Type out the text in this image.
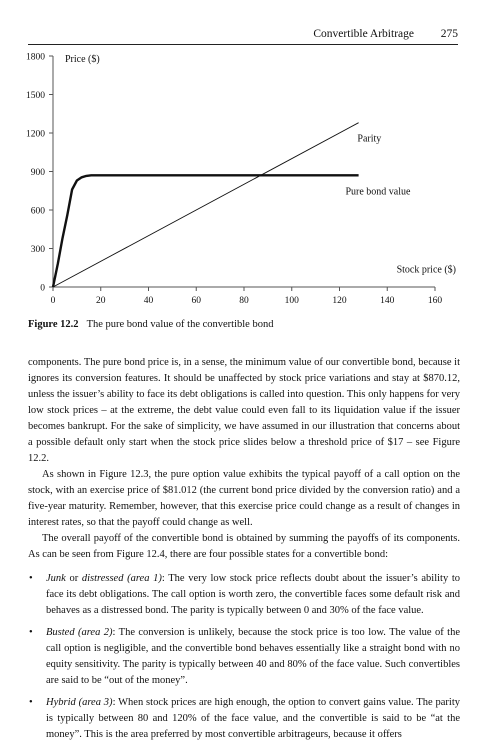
Convertible Arbitrage 275
0
300
600
900
1200
1500
1800
0	20	40	60	80	100	120	140	160
Price ($)
Stock price ($)
Parity
Pure bond value
Figure 12.2 The pure bond value of the convertible bond

components. The pure bond price is, in a sense, the minimum value of our convertible bond, because it ignores its conversion features. It should be unaffected by stock price variations and stay at $870.12, unless the issuer’s ability to face its debt obligations is called into question. This only happens for very low stock prices – at the extreme, the debt value could even fall to its liquidation value if the issuer becomes bankrupt. For the sake of simplicity, we have assumed in our illustration that concerns about a possible default only start when the stock price slides below a threshold price of $17 – see Figure 12.2.

As shown in Figure 12.3, the pure option value exhibits the typical payoff of a call option on the stock, with an exercise price of $81.012 (the current bond price divided by the conversion ratio) and a five-year maturity. Remember, however, that this exercise price could change as a result of changes in interest rates, so that the payoff could change as well.

The overall payoff of the convertible bond is obtained by summing the payoffs of its components. As can be seen from Figure 12.4, there are four possible states for a convertible bond:

• Junk or distressed (area 1): The very low stock price reflects doubt about the issuer’s ability to face its debt obligations. The call option is worth zero, the convertible faces some default risk and behaves as a distressed bond. The parity is typically between 0 and 30% of the face value.
• Busted (area 2): The conversion is unlikely, because the stock price is too low. The value of the call option is negligible, and the convertible bond behaves essentially like a straight bond with no equity sensitivity. The parity is typically between 40 and 80% of the face value. Such convertibles are said to be “out of the money”.
• Hybrid (area 3): When stock prices are high enough, the option to convert gains value. The parity is typically between 80 and 120% of the face value, and the convertible is said to be “at the money”. This is the area preferred by most convertible arbitrageurs, because it offers
